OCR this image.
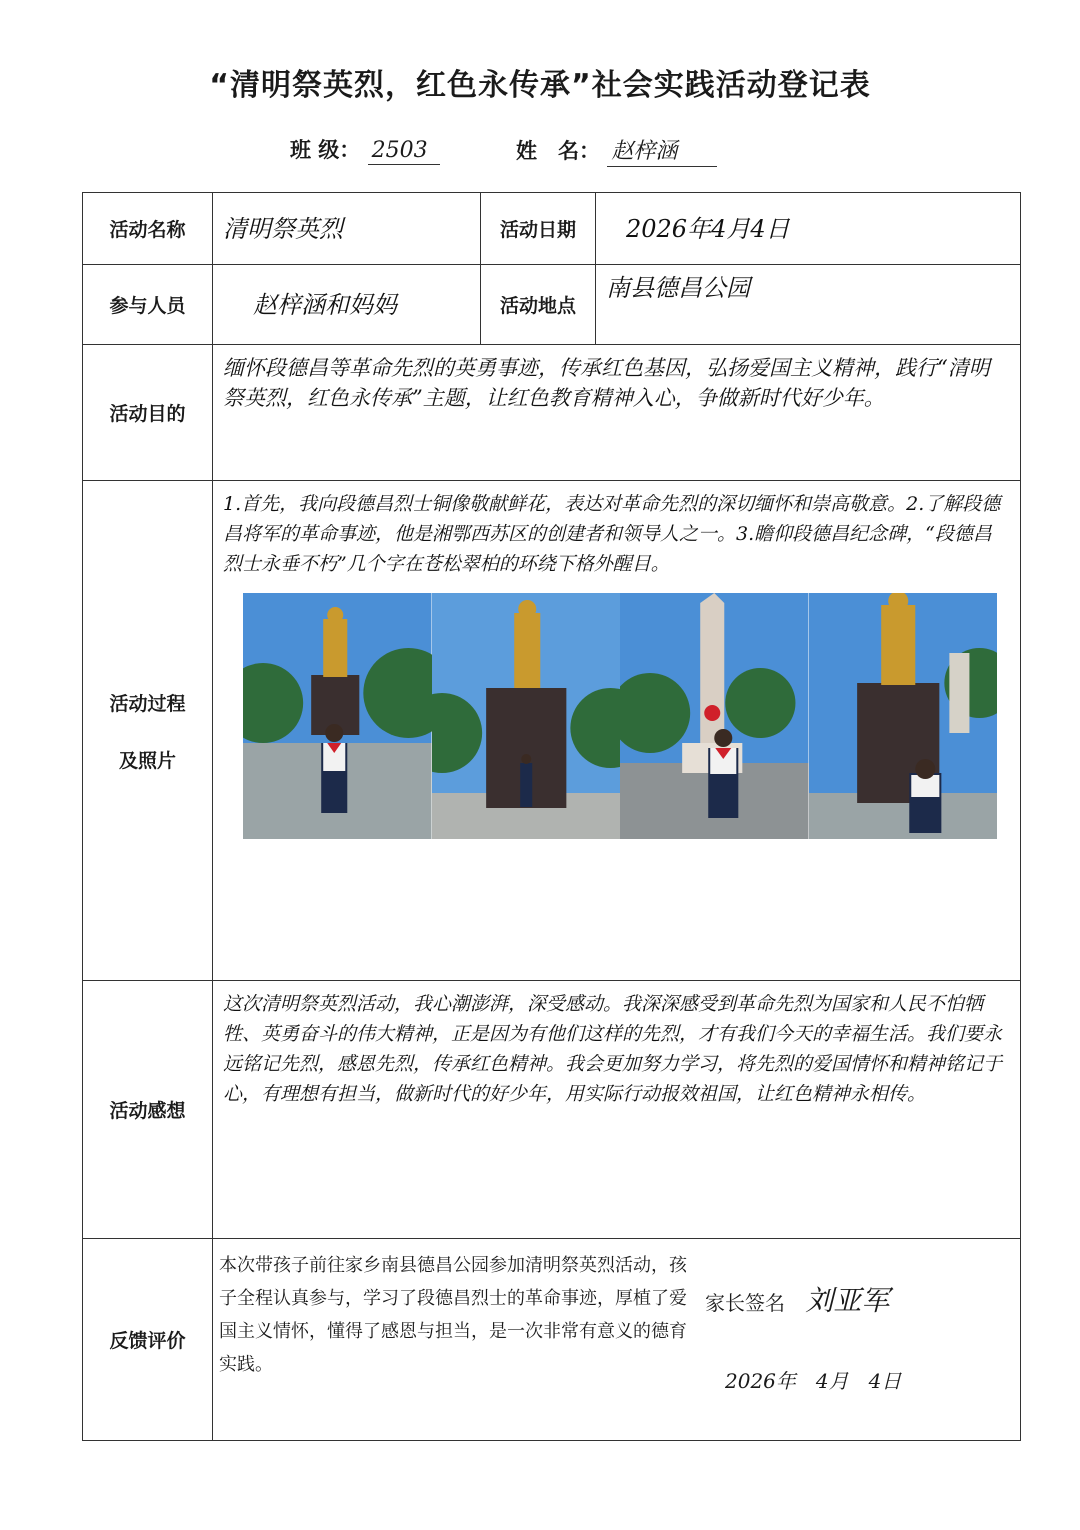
“清明祭英烈，红色永传承”社会实践活动登记表
班 级： 2503	姓　名： 赵梓涵
活动名称	清明祭英烈	活动日期	2026年4月4日
参与人员	赵梓涵和妈妈	活动地点	南县德昌公园
活动目的	缅怀段德昌等革命先烈的英勇事迹，传承红色基因，弘扬爱国主义精神，践行“清明祭英烈，红色永传承”主题，让红色教育精神入心，争做新时代好少年。		

活动过程
及照片	1.首先，我向段德昌烈士铜像敬献鲜花，表达对革命先烈的深切缅怀和崇高敬意。2.了解段德昌将军的革命事迹，他是湘鄂西苏区的创建者和领导人之一。3.瞻仰段德昌纪念碑，“段德昌烈士永垂不朽”几个字在苍松翠柏的环绕下格外醒目。		

活动感想	这次清明祭英烈活动，我心潮澎湃，深受感动。我深深感受到革命先烈为国家和人民不怕牺牲、英勇奋斗的伟大精神，正是因为有他们这样的先烈，才有我们今天的幸福生活。我们要永远铭记先烈，感恩先烈，传承红色精神。我会更加努力学习，将先烈的爱国情怀和精神铭记于心，有理想有担当，做新时代的好少年，用实际行动报效祖国，让红色精神永相传。		

反馈评价	本次带孩子前往家乡南县德昌公园参加清明祭英烈活动，孩子全程认真参与，学习了段德昌烈士的革命事迹，厚植了爱国主义情怀，懂得了感恩与担当，是一次非常有意义的德育实践。
家长签名 刘亚军
2026年　4月　4日		
